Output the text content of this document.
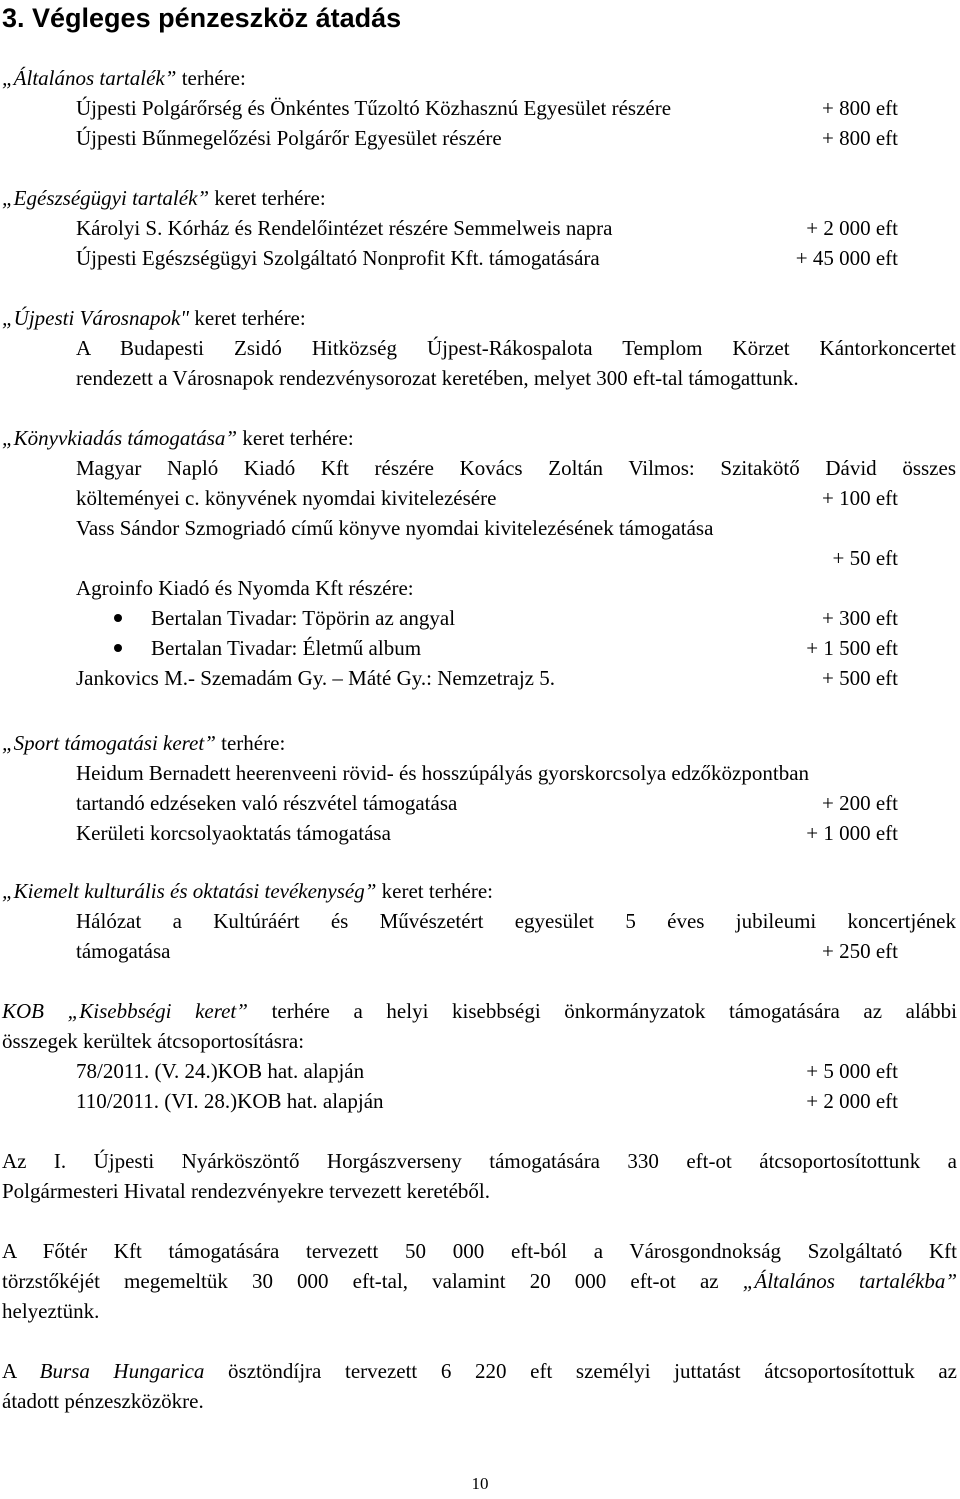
3. Végleges pénzeszköz átadás
„Általános tartalék” terhére:
Újpesti Polgárőrség és Önkéntes Tűzoltó Közhasznú Egyesület részére	+ 800 eft
Újpesti Bűnmegelőzési Polgárőr Egyesület részére	+ 800 eft
„Egészségügyi tartalék” keret terhére:
Károlyi S. Kórház és Rendelőintézet részére Semmelweis napra	+ 2 000 eft
Újpesti Egészségügyi Szolgáltató Nonprofit Kft. támogatására	+ 45 000 eft
„Újpesti Városnapok" keret terhére:
A Budapesti Zsidó Hitközség Újpest-Rákospalota Templom Körzet Kántorkoncertet
rendezett a Városnapok rendezvénysorozat keretében, melyet 300 eft-tal támogattunk.
„Könyvkiadás támogatása” keret terhére:
Magyar Napló Kiadó Kft részére Kovács Zoltán Vilmos: Szitakötő Dávid összes
költeményei c. könyvének nyomdai kivitelezésére	+ 100 eft
Vass Sándor Szmogriadó című könyve nyomdai kivitelezésének támogatása
+ 50 eft
Agroinfo Kiadó és Nyomda Kft részére:
Bertalan Tivadar: Töpörin az angyal	+ 300 eft
Bertalan Tivadar: Életmű album	+ 1 500 eft
Jankovics M.- Szemadám Gy. – Máté Gy.: Nemzetrajz 5.	+ 500 eft
„Sport támogatási keret” terhére:
Heidum Bernadett heerenveeni rövid- és hosszúpályás gyorskorcsolya edzőközpontban
tartandó edzéseken való részvétel támogatása	+ 200 eft
Kerületi korcsolyaoktatás támogatása	+ 1 000 eft
„Kiemelt kulturális és oktatási tevékenység” keret terhére:
Hálózat a Kultúráért és Művészetért egyesület 5 éves jubileumi koncertjének
támogatása	+ 250 eft
KOB „Kisebbségi keret” terhére a helyi kisebbségi önkormányzatok támogatására az alábbi
összegek kerültek átcsoportosításra:
78/2011. (V. 24.)KOB hat. alapján	+ 5 000 eft
110/2011. (VI. 28.)KOB hat. alapján	+ 2 000 eft
Az I. Újpesti Nyárköszöntő Horgászverseny támogatására 330 eft-ot átcsoportosítottunk a
Polgármesteri Hivatal rendezvényekre tervezett keretéből.
A Főtér Kft támogatására tervezett 50 000 eft-ból a Városgondnokság Szolgáltató Kft
törzstőkéjét megemeltük 30 000 eft-tal, valamint 20 000 eft-ot az „Általános tartalékba”
helyeztünk.
A Bursa Hungarica ösztöndíjra tervezett 6 220 eft személyi juttatást átcsoportosítottuk az
átadott pénzeszközökre.
10
